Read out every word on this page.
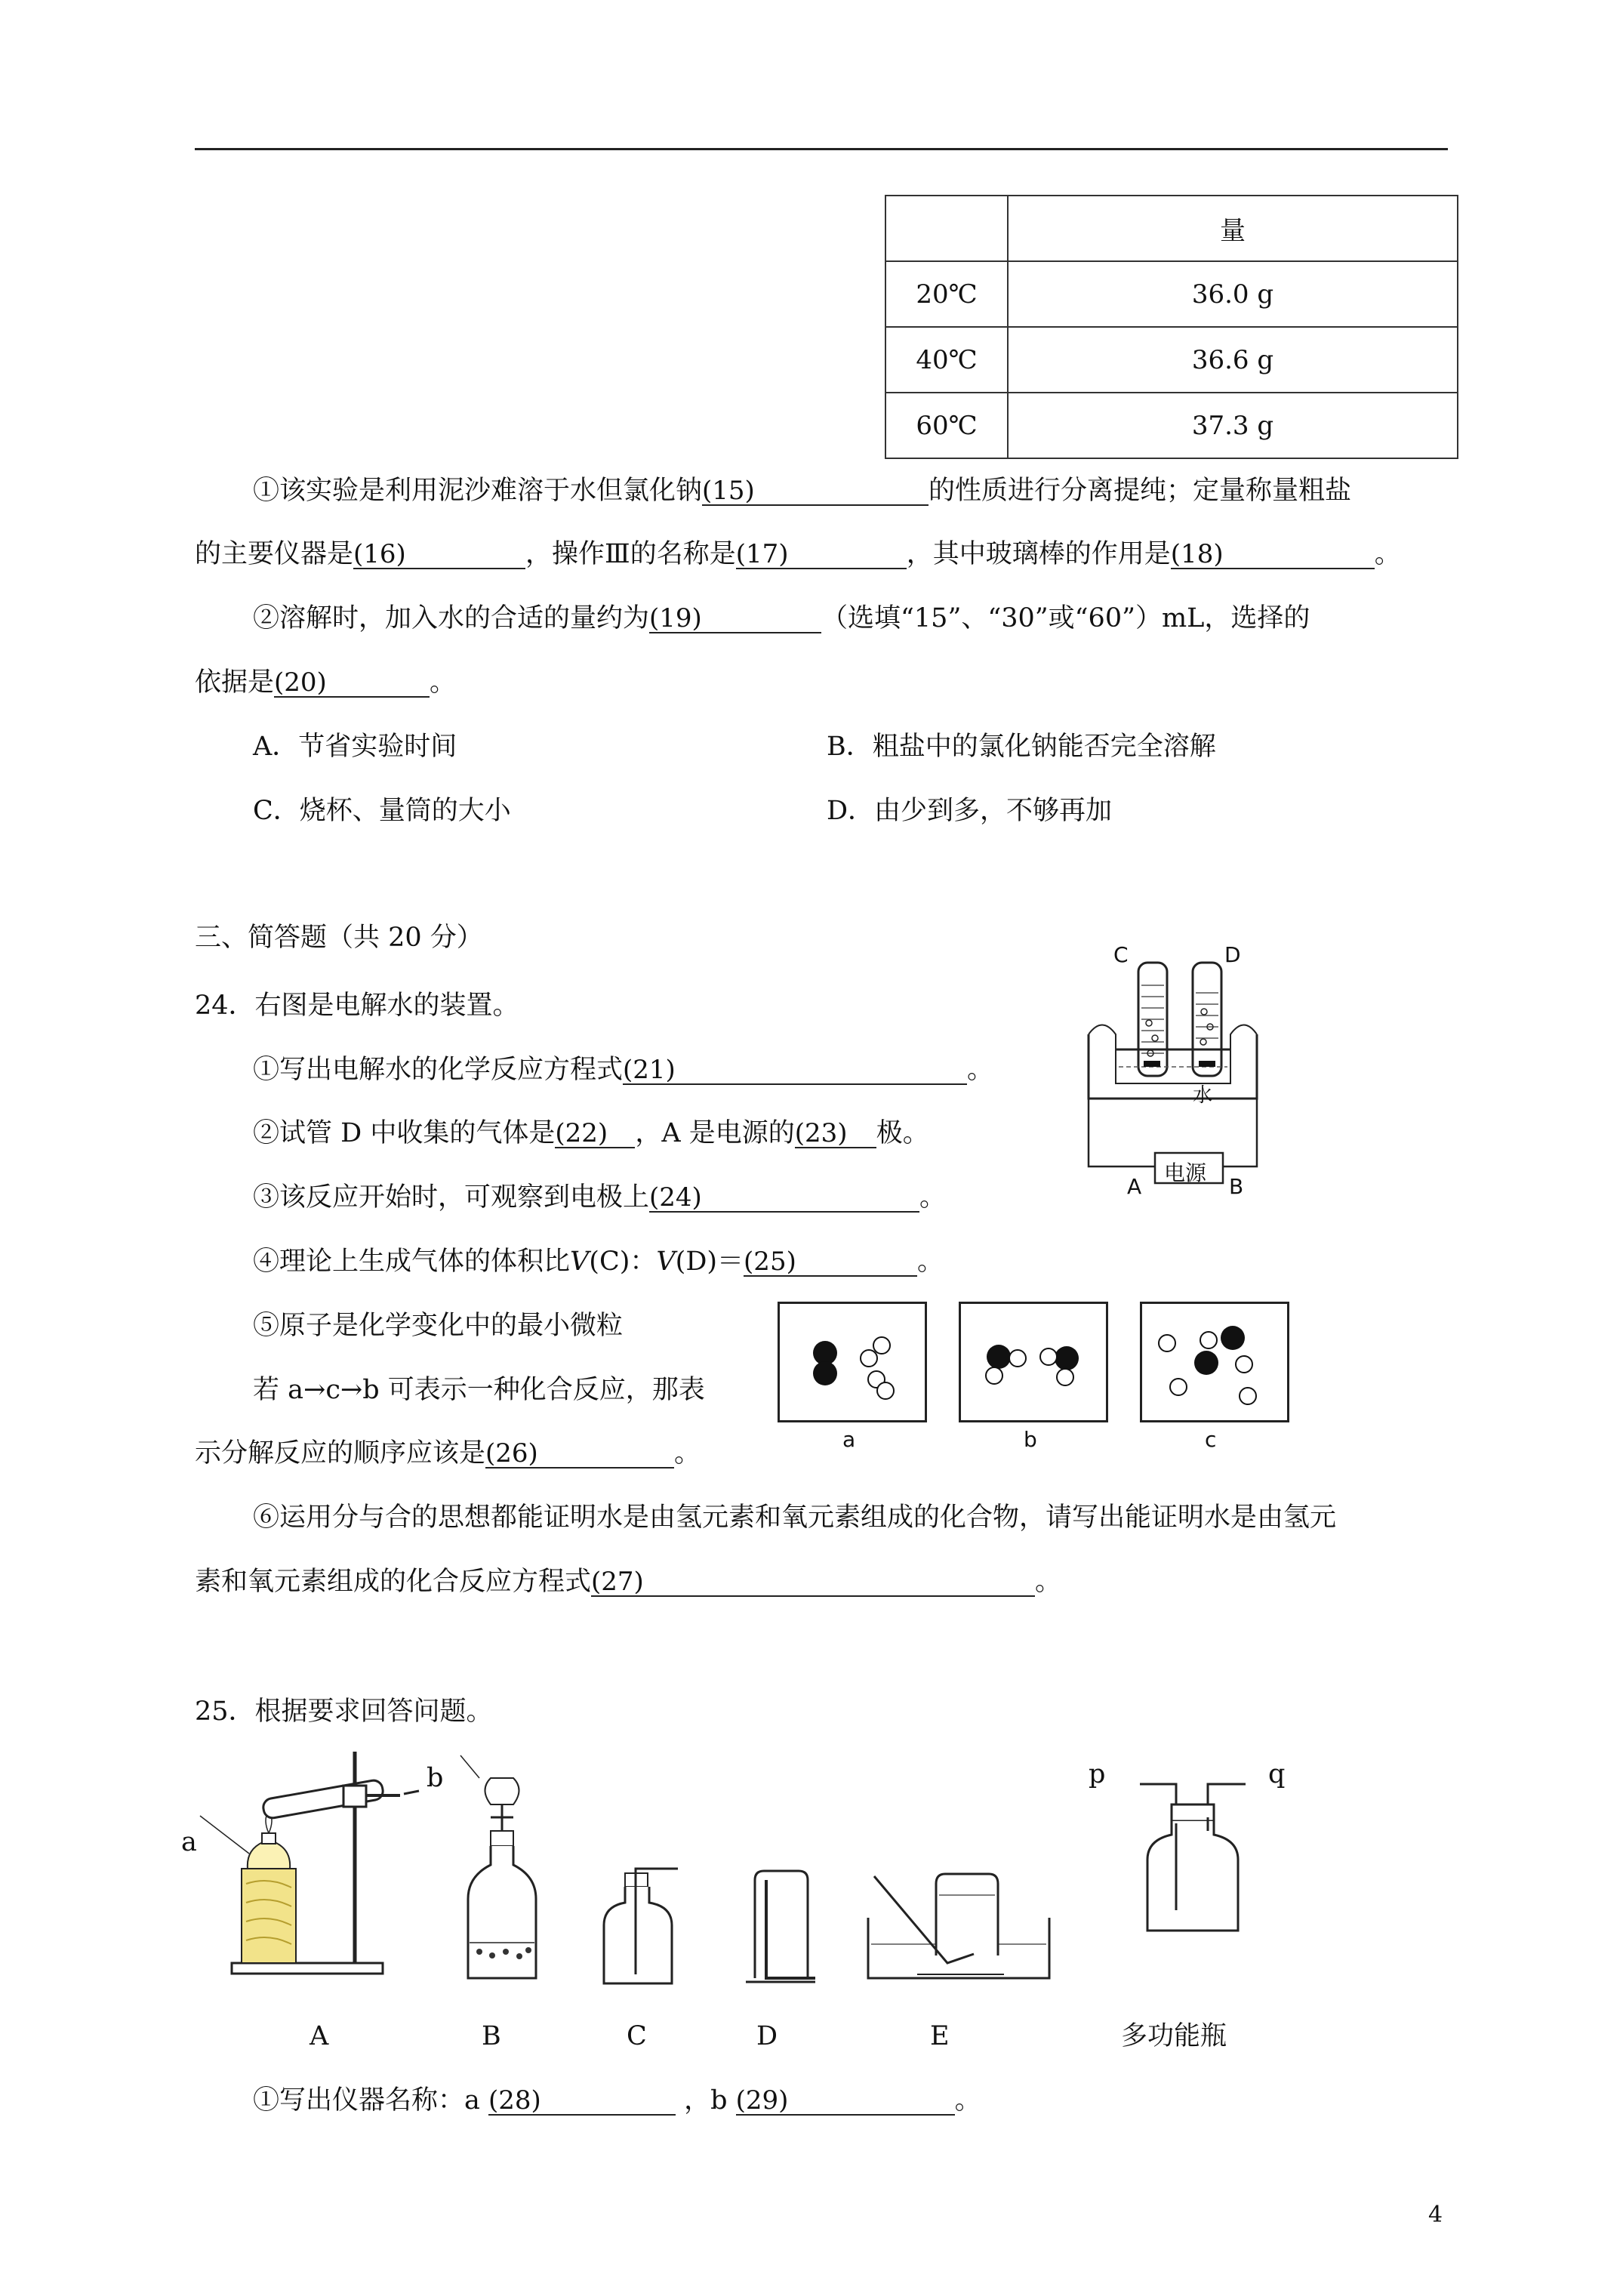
	量
20℃	36.0 g
40℃	36.6 g
60℃	37.3 g
①该实验是利用泥沙难溶于水但氯化钠(15)	的性质进行分离提纯；定量称量粗盐
的主要仪器是(16)	，操作Ⅲ的名称是(17)	，其中玻璃棒的作用是(18)	。
②溶解时，加入水的合适的量约为(19)	（选填“15”、“30”或“60”）mL，选择的
依据是(20)	。
A．节省实验时间	B．粗盐中的氯化钠能否完全溶解
C．烧杯、量筒的大小	D．由少到多，不够再加
三、简答题（共 20 分）
24．右图是电解水的装置。
①写出电解水的化学反应方程式(21)	。
②试管 D 中收集的气体是(22) ，A 是电源的(23) 极。
③该反应开始时，可观察到电极上(24)	。
④理论上生成气体的体积比V(C)：V(D)＝(25)	。
⑤原子是化学变化中的最小微粒
若 a→c→b 可表示一种化合反应，那表
示分解反应的顺序应该是(26)	。
⑥运用分与合的思想都能证明水是由氢元素和氧元素组成的化合物，请写出能证明水是由氢元
素和氧元素组成的化合反应方程式(27)	。
C	D
水
电源
A	B
a	b	c
25．根据要求回答问题。
a
b	p	q
A	B	C	D	E	多功能瓶
①写出仪器名称：a (28)	，b (29)	。
4
